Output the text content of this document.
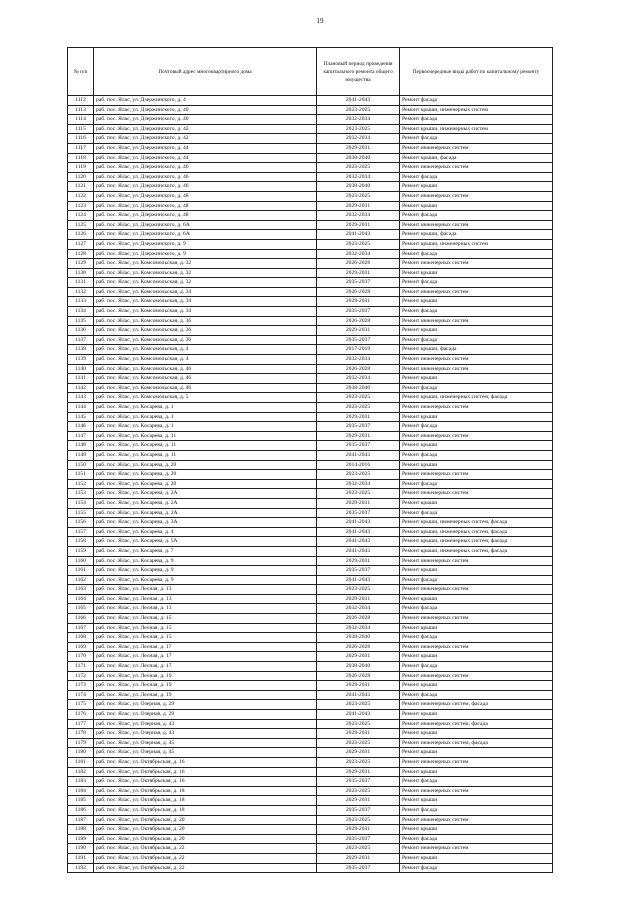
19
№ п/п	Почтовый адрес многоквартирного дома	Плановый период проведения капитального ремонта общего имущества	Первоочередные виды работ по капитальному ремонту
1112	раб. пос. Ялас, ул. Дзержинского, д. 4	2041-2043	Ремонт фасада
1113	раб. пос. Ялас, ул. Дзержинского, д. 40	2023-2025	Ремонт крыши, инженерных систем
1114	раб. пос. Ялас, ул. Дзержинского, д. 40	2032-2034	Ремонт фасада
1115	раб. пос. Ялас, ул. Дзержинского, д. 42	2023-2025	Ремонт крыши, инженерных систем
1116	раб. пос. Ялас, ул. Дзержинского, д. 42	2032-2034	Ремонт фасада
1117	раб. пос. Ялас, ул. Дзержинского, д. 44	2029-2031	Ремонт инженерных систем
1118	раб. пос. Ялас, ул. Дзержинского, д. 44	2038-2040	Ремонт крыши, фасада
1119	раб. пос. Ялас, ул. Дзержинского, д. 46	2023-2025	Ремонт инженерных систем
1120	раб. пос. Ялас, ул. Дзержинского, д. 46	2032-2034	Ремонт фасада
1121	раб. пос. Ялас, ул. Дзержинского, д. 46	2038-2040	Ремонт крыши
1122	раб. пос. Ялас, ул. Дзержинского, д. 48	2023-2025	Ремонт инженерных систем
1123	раб. пос. Ялас, ул. Дзержинского, д. 48	2029-2031	Ремонт крыши
1124	раб. пос. Ялас, ул. Дзержинского, д. 48	2032-2034	Ремонт фасада
1125	раб. пос. Ялас, ул. Дзержинского, д. 6А	2029-2031	Ремонт инженерных систем
1126	раб. пос. Ялас, ул. Дзержинского, д. 6А	2041-2043	Ремонт крыши, фасада
1127	раб. пос. Ялас, ул. Дзержинского, д. 9	2023-2025	Ремонт крыши, инженерных систем
1128	раб. пос. Ялас, ул. Дзержинского, д. 9	2032-2034	Ремонт фасада
1129	раб. пос. Ялас, ул. Комсомольская, д. 32	2026-2028	Ремонт инженерных систем
1130	раб. пос. Ялас, ул. Комсомольская, д. 32	2029-2031	Ремонт крыши
1131	раб. пос. Ялас, ул. Комсомольская, д. 32	2035-2037	Ремонт фасада
1132	раб. пос. Ялас, ул. Комсомольская, д. 34	2026-2028	Ремонт инженерных систем
1133	раб. пос. Ялас, ул. Комсомольская, д. 34	2029-2031	Ремонт крыши
1134	раб. пос. Ялас, ул. Комсомольская, д. 34	2035-2037	Ремонт фасада
1135	раб. пос. Ялас, ул. Комсомольская, д. 36	2026-2028	Ремонт инженерных систем
1136	раб. пос. Ялас, ул. Комсомольская, д. 36	2029-2031	Ремонт крыши
1137	раб. пос. Ялас, ул. Комсомольская, д. 36	2035-2037	Ремонт фасада
1138	раб. пос. Ялас, ул. Комсомольская, д. 4	2017-2019	Ремонт крыши, фасада
1139	раб. пос. Ялас, ул. Комсомольская, д. 4	2032-2034	Ремонт инженерных систем
1140	раб. пос. Ялас, ул. Комсомольская, д. 46	2026-2028	Ремонт инженерных систем
1141	раб. пос. Ялас, ул. Комсомольская, д. 46	2032-2034	Ремонт крыши
1142	раб. пос. Ялас, ул. Комсомольская, д. 46	2038-2040	Ремонт фасада
1143	раб. пос. Ялас, ул. Комсомольская, д. 5	2023-2025	Ремонт крыши, инженерных систем, фасада
1144	раб. пос. Ялас, ул. Косарева, д. 1	2023-2025	Ремонт инженерных систем
1145	раб. пос. Ялас, ул. Косарева, д. 1	2029-2031	Ремонт крыши
1146	раб. пос. Ялас, ул. Косарева, д. 1	2035-2037	Ремонт фасада
1147	раб. пос. Ялас, ул. Косарева, д. 11	2029-2031	Ремонт инженерных систем
1148	раб. пос. Ялас, ул. Косарева, д. 11	2035-2037	Ремонт крыши
1149	раб. пос. Ялас, ул. Косарева, д. 11	2041-2043	Ремонт фасада
1150	раб. пос. Ялас, ул. Косарева, д. 20	2014-2016	Ремонт крыши
1151	раб. пос. Ялас, ул. Косарева, д. 20	2023-2025	Ремонт инженерных систем
1152	раб. пос. Ялас, ул. Косарева, д. 20	2032-2034	Ремонт фасада
1153	раб. пос. Ялас, ул. Косарева, д. 2А	2023-2025	Ремонт инженерных систем
1154	раб. пос. Ялас, ул. Косарева, д. 2А	2029-2031	Ремонт крыши
1155	раб. пос. Ялас, ул. Косарева, д. 2А	2035-2037	Ремонт фасада
1156	раб. пос. Ялас, ул. Косарева, д. 3А	2041-2043	Ремонт крыши, инженерных систем, фасада
1157	раб. пос. Ялас, ул. Косарева, д. 4	2041-2043	Ремонт крыши, инженерных систем, фасада
1158	раб. пос. Ялас, ул. Косарева, д. 5А	2041-2043	Ремонт крыши, инженерных систем, фасада
1159	раб. пос. Ялас, ул. Косарева, д. 7	2041-2043	Ремонт крыши, инженерных систем, фасада
1160	раб. пос. Ялас, ул. Косарева, д. 9	2029-2031	Ремонт инженерных систем
1161	раб. пос. Ялас, ул. Косарева, д. 9	2035-2037	Ремонт крыши
1162	раб. пос. Ялас, ул. Косарева, д. 9	2041-2043	Ремонт фасада
1163	раб. пос. Ялас, ул. Лесная, д. 13	2023-2025	Ремонт инженерных систем
1164	раб. пос. Ялас, ул. Лесная, д. 13	2029-2031	Ремонт крыши
1165	раб. пос. Ялас, ул. Лесная, д. 13	2032-2034	Ремонт фасада
1166	раб. пос. Ялас, ул. Лесная, д. 15	2026-2028	Ремонт инженерных систем
1167	раб. пос. Ялас, ул. Лесная, д. 15	2032-2034	Ремонт крыши
1168	раб. пос. Ялас, ул. Лесная, д. 15	2038-2040	Ремонт фасада
1169	раб. пос. Ялас, ул. Лесная, д. 17	2026-2028	Ремонт инженерных систем
1170	раб. пос. Ялас, ул. Лесная, д. 17	2029-2031	Ремонт крыши
1171	раб. пос. Ялас, ул. Лесная, д. 17	2038-2040	Ремонт фасада
1172	раб. пос. Ялас, ул. Лесная, д. 19	2026-2028	Ремонт инженерных систем
1173	раб. пос. Ялас, ул. Лесная, д. 19	2029-2031	Ремонт крыши
1174	раб. пос. Ялас, ул. Лесная, д. 19	2041-2043	Ремонт фасада
1175	раб. пос. Ялас, ул. Озерная, д. 29	2023-2025	Ремонт инженерных систем, фасада
1176	раб. пос. Ялас, ул. Озерная, д. 29	2041-2043	Ремонт крыши
1177	раб. пос. Ялас, ул. Озерная, д. 43	2023-2025	Ремонт инженерных систем, фасада
1178	раб. пос. Ялас, ул. Озерная, д. 43	2029-2031	Ремонт крыши
1179	раб. пос. Ялас, ул. Озерная, д. 45	2023-2025	Ремонт инженерных систем, фасада
1180	раб. пос. Ялас, ул. Озерная, д. 45	2029-2031	Ремонт крыши
1181	раб. пос. Ялас, ул. Октябрьская, д. 16	2023-2025	Ремонт инженерных систем
1182	раб. пос. Ялас, ул. Октябрьская, д. 16	2029-2031	Ремонт крыши
1183	раб. пос. Ялас, ул. Октябрьская, д. 16	2035-2037	Ремонт фасада
1184	раб. пос. Ялас, ул. Октябрьская, д. 18	2023-2025	Ремонт инженерных систем
1185	раб. пос. Ялас, ул. Октябрьская, д. 18	2029-2031	Ремонт крыши
1186	раб. пос. Ялас, ул. Октябрьская, д. 18	2035-2037	Ремонт фасада
1187	раб. пос. Ялас, ул. Октябрьская, д. 20	2023-2025	Ремонт инженерных систем
1188	раб. пос. Ялас, ул. Октябрьская, д. 20	2029-2031	Ремонт крыши
1189	раб. пос. Ялас, ул. Октябрьская, д. 20	2035-2037	Ремонт фасада
1190	раб. пос. Ялас, ул. Октябрьская, д. 22	2023-2025	Ремонт инженерных систем
1191	раб. пос. Ялас, ул. Октябрьская, д. 22	2029-2031	Ремонт крыши
1192	раб. пос. Ялас, ул. Октябрьская, д. 22	2035-2037	Ремонт фасада
